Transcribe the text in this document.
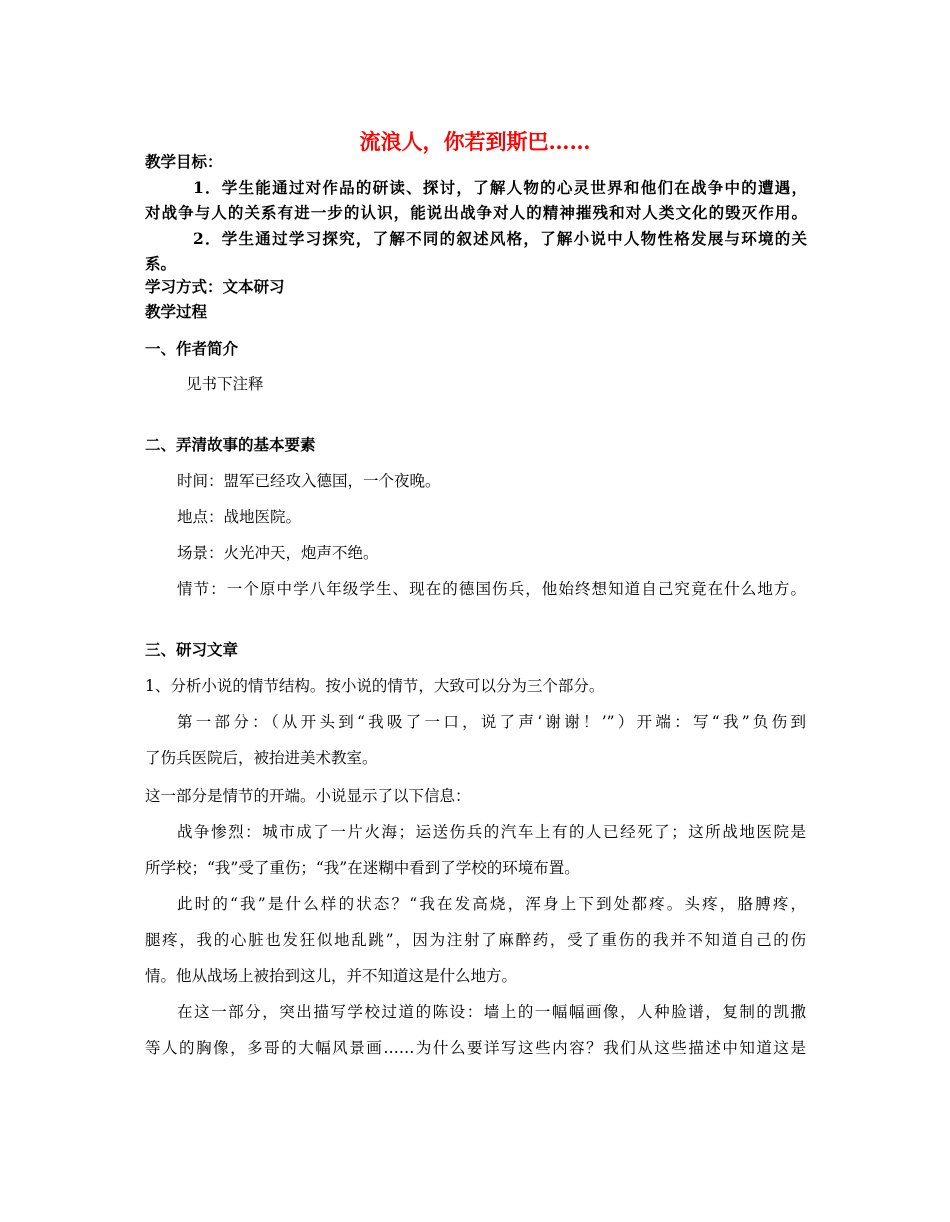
流浪人，你若到斯巴……
教学目标：
1．学生能通过对作品的研读、探讨，了解人物的心灵世界和他们在战争中的遭遇，
对战争与人的关系有进一步的认识，能说出战争对人的精神摧残和对人类文化的毁灭作用。
2．学生通过学习探究，了解不同的叙述风格，了解小说中人物性格发展与环境的关
系。
学习方式：文本研习
教学过程
一、作者简介
见书下注释
二、弄清故事的基本要素
时间：盟军已经攻入德国，一个夜晚。
地点：战地医院。
场景：火光冲天，炮声不绝。
情节：一个原中学八年级学生、现在的德国伤兵，他始终想知道自己究竟在什么地方。
三、研习文章
1、分析小说的情节结构。按小说的情节，大致可以分为三个部分。
第一部分：（从开头到“我吸了一口，说了声‘谢谢！’”）开端：写“我”负伤到
了伤兵医院后，被抬进美术教室。
这一部分是情节的开端。小说显示了以下信息：
战争惨烈：城市成了一片火海；运送伤兵的汽车上有的人已经死了；这所战地医院是
所学校；“我”受了重伤；“我”在迷糊中看到了学校的环境布置。
此时的“我”是什么样的状态？“我在发高烧，浑身上下到处都疼。头疼，胳膊疼，
腿疼，我的心脏也发狂似地乱跳”，因为注射了麻醉药，受了重伤的我并不知道自己的伤
情。他从战场上被抬到这儿，并不知道这是什么地方。
在这一部分，突出描写学校过道的陈设：墙上的一幅幅画像，人种脸谱，复制的凯撒
等人的胸像，多哥的大幅风景画……为什么要详写这些内容？我们从这些描述中知道这是
